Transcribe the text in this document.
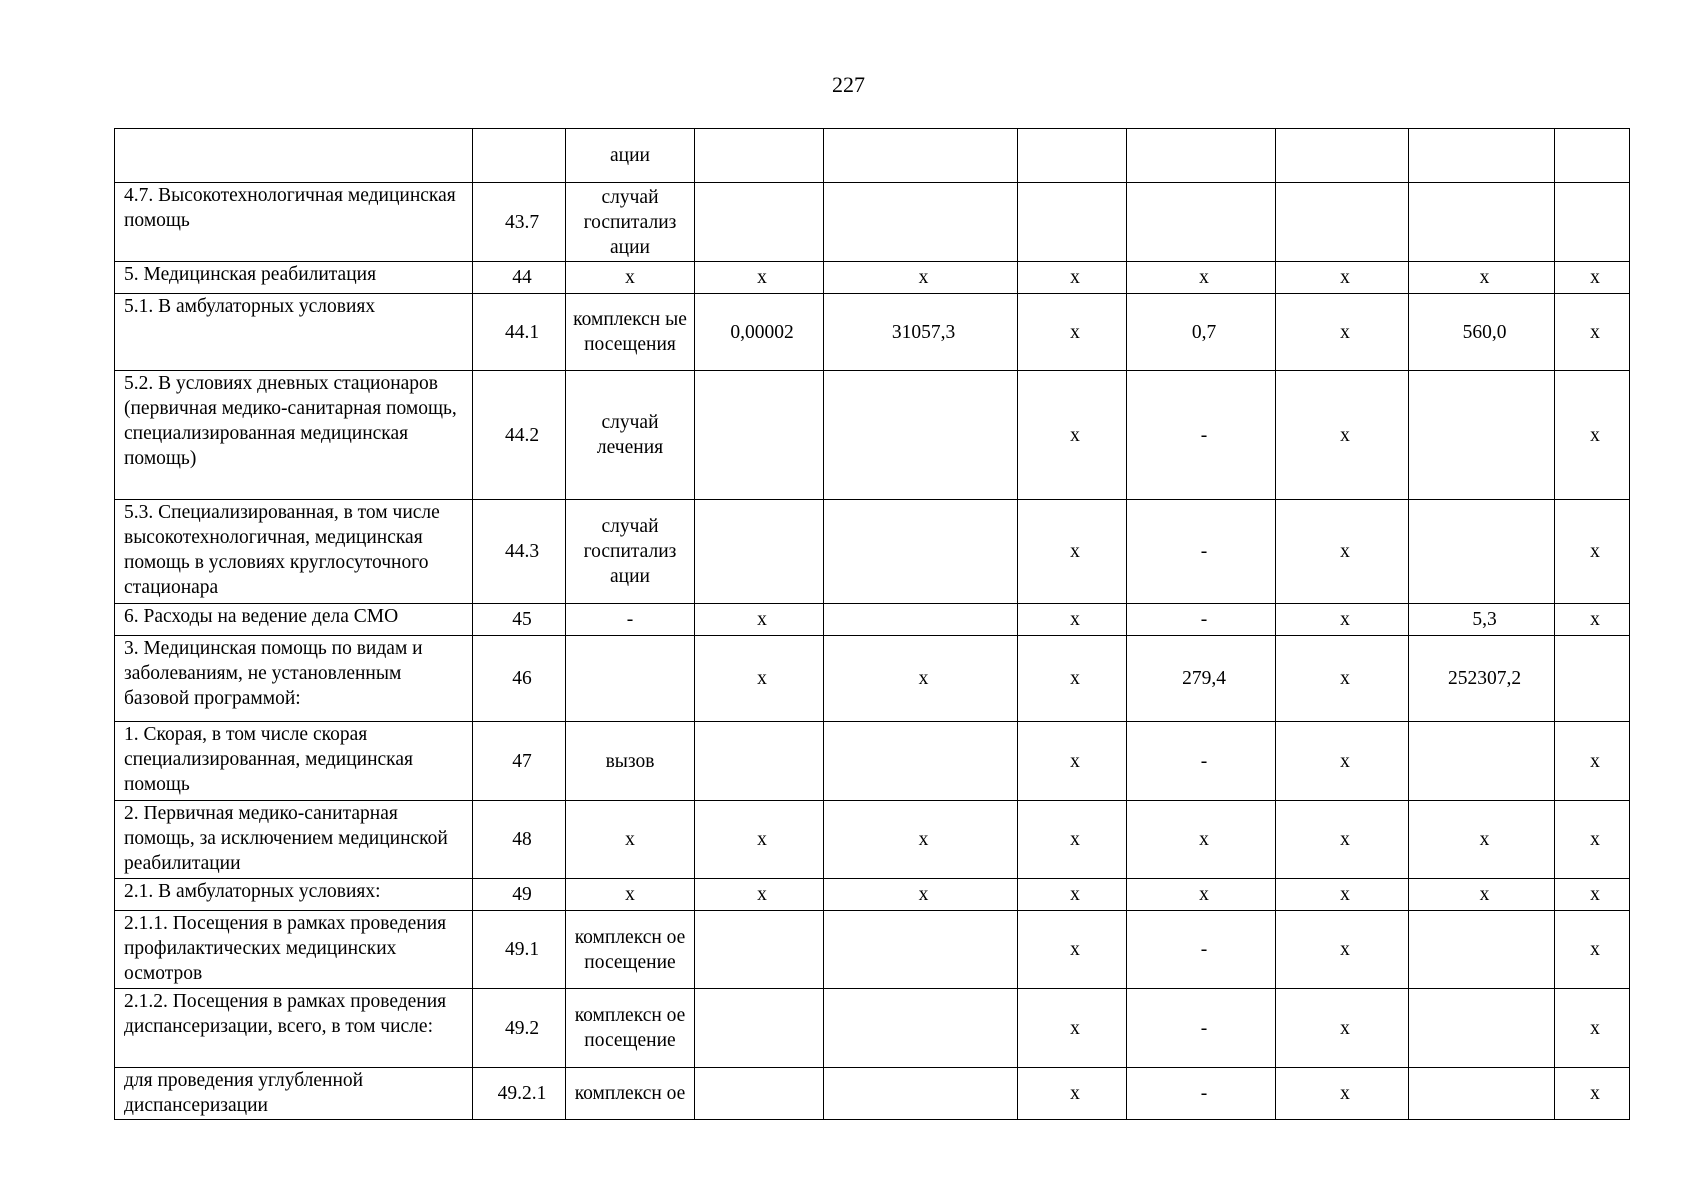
227
		ации							
4.7. Высокотехнологичная медицинская помощь	43.7	случай госпитализ ации							
5. Медицинская реабилитация	44	х	х	х	х	х	х	х	х
5.1. В амбулаторных условиях	44.1	комплексн ые посещения	0,00002	31057,3	х	0,7	х	560,0	х
5.2. В условиях дневных стационаров (первичная медико-санитарная помощь, специализированная медицинская помощь)	44.2	случай лечения			х	-	х		х
5.3. Специализированная, в том числе высокотехнологичная, медицинская помощь в условиях круглосуточного стационара	44.3	случай госпитализ ации			х	-	х		х
6. Расходы на ведение дела СМО	45	-	х		х	-	х	5,3	х
3. Медицинская помощь по видам и заболеваниям, не установленным базовой программой:	46		х	х	х	279,4	х	252307,2	
1. Скорая, в том числе скорая специализированная, медицинская помощь	47	вызов			х	-	х		х
2. Первичная медико-санитарная помощь, за исключением медицинской реабилитации	48	х	х	х	х	х	х	х	х
2.1. В амбулаторных условиях:	49	х	х	х	х	х	х	х	х
2.1.1. Посещения в рамках проведения профилактических медицинских осмотров	49.1	комплексн ое посещение			х	-	х		х
2.1.2. Посещения в рамках проведения диспансеризации, всего, в том числе:	49.2	комплексн ое посещение			х	-	х		х
для проведения углубленной диспансеризации	49.2.1	комплексн ое			х	-	х		х
